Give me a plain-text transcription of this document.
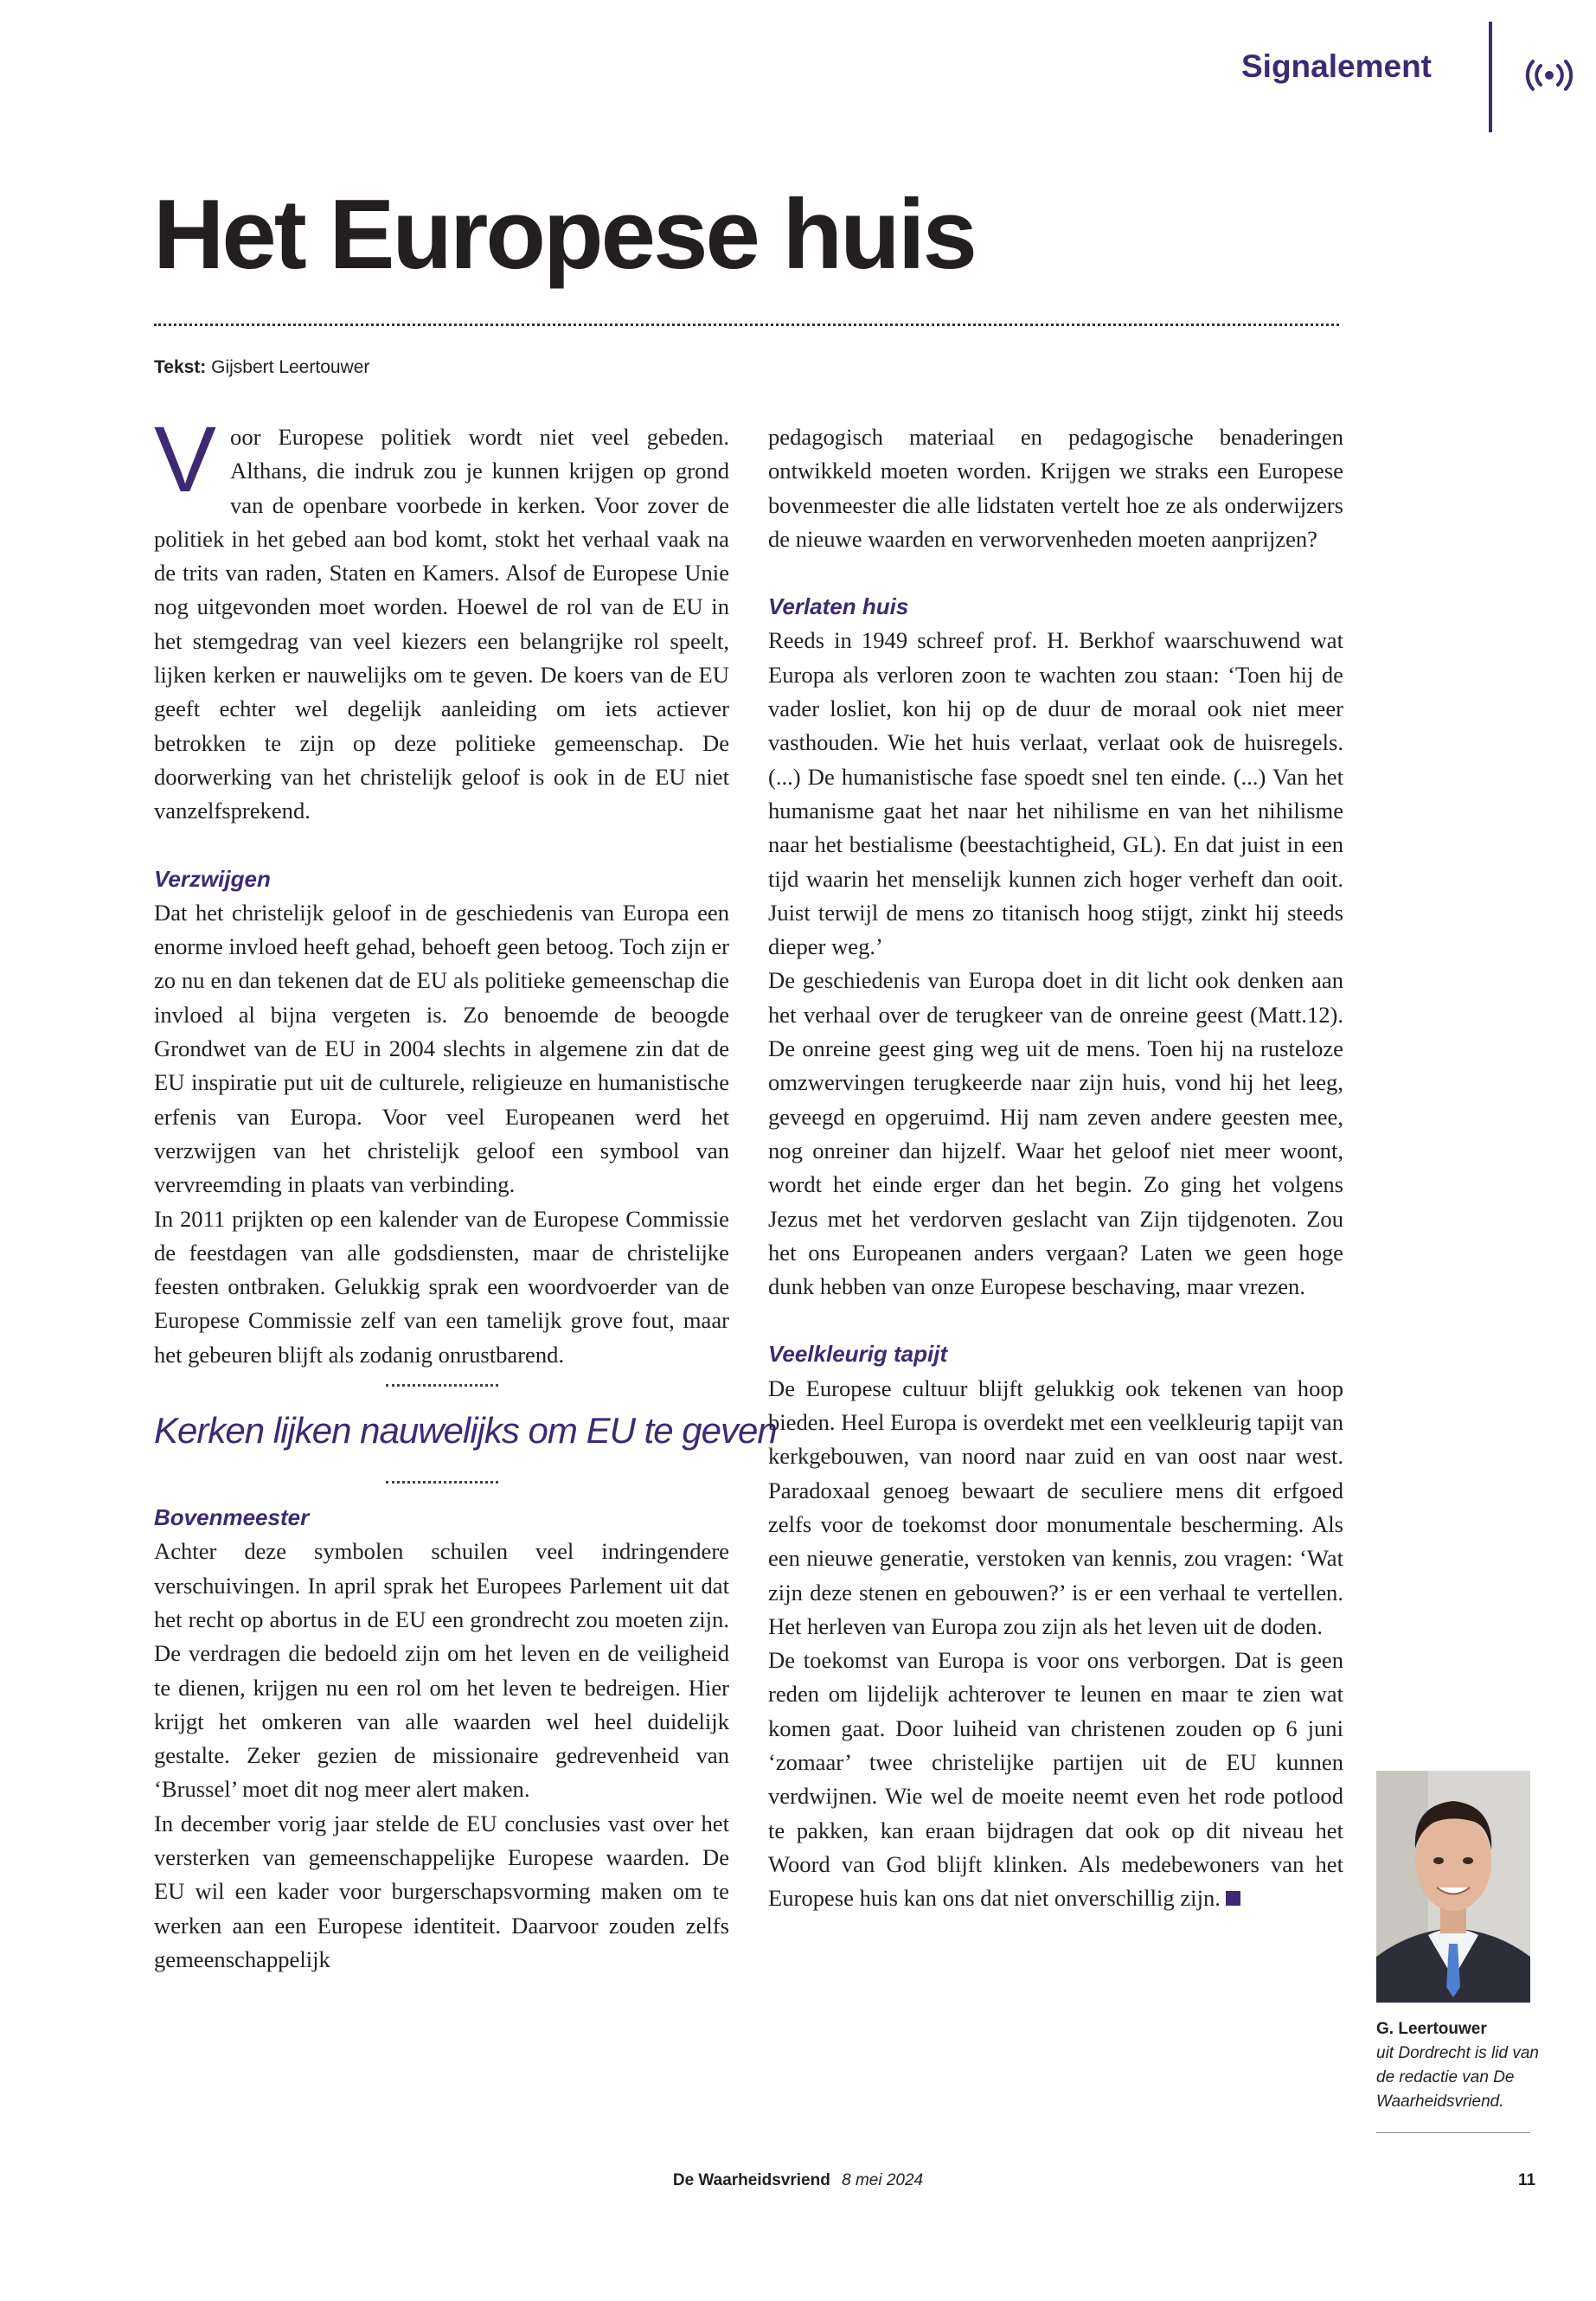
Signalement
Het Europese huis
Tekst: Gijsbert Leertouwer

Voor Europese politiek wordt niet veel gebeden. Althans, die indruk zou je kunnen krijgen op grond van de openbare voorbede in kerken. Voor zover de politiek in het gebed aan bod komt, stokt het verhaal vaak na de trits van raden, Staten en Kamers. Alsof de Europese Unie nog uitgevonden moet worden. Hoewel de rol van de EU in het stemgedrag van veel kiezers een belangrijke rol speelt, lijken kerken er nauwelijks om te geven. De koers van de EU geeft echter wel degelijk aanleiding om iets actiever betrokken te zijn op deze politieke gemeenschap. De doorwerking van het christelijk geloof is ook in de EU niet vanzelfsprekend.

Verzwijgen

Dat het christelijk geloof in de geschiedenis van Europa een enorme invloed heeft gehad, behoeft geen betoog. Toch zijn er zo nu en dan tekenen dat de EU als politieke gemeenschap die invloed al bijna vergeten is. Zo benoemde de beoogde Grondwet van de EU in 2004 slechts in algemene zin dat de EU inspiratie put uit de culturele, religieuze en humanistische erfenis van Europa. Voor veel Europeanen werd het verzwijgen van het christelijk geloof een symbool van vervreemding in plaats van verbinding.

In 2011 prijkten op een kalender van de Europese Commissie de feestdagen van alle godsdiensten, maar de christelijke feesten ontbraken. Gelukkig sprak een woordvoerder van de Europese Commissie zelf van een tamelijk grove fout, maar het gebeuren blijft als zodanig onrustbarend.

Kerken lijken nauwelijks om EU te geven
Bovenmeester

Achter deze symbolen schuilen veel indringendere verschuivingen. In april sprak het Europees Parlement uit dat het recht op abortus in de EU een grondrecht zou moeten zijn. De verdragen die bedoeld zijn om het leven en de veiligheid te dienen, krijgen nu een rol om het leven te bedreigen. Hier krijgt het omkeren van alle waarden wel heel duidelijk gestalte. Zeker gezien de missionaire gedrevenheid van ‘Brussel’ moet dit nog meer alert maken.

In december vorig jaar stelde de EU conclusies vast over het versterken van gemeenschappelijke Europese waarden. De EU wil een kader voor burgerschapsvorming maken om te werken aan een Europese identiteit. Daarvoor zouden zelfs gemeenschappelijk

pedagogisch materiaal en pedagogische benaderingen ontwikkeld moeten worden. Krijgen we straks een Europese bovenmeester die alle lidstaten vertelt hoe ze als onderwijzers de nieuwe waarden en verworvenheden moeten aanprijzen?

Verlaten huis

Reeds in 1949 schreef prof. H. Berkhof waarschuwend wat Europa als verloren zoon te wachten zou staan: ‘Toen hij de vader losliet, kon hij op de duur de moraal ook niet meer vasthouden. Wie het huis verlaat, verlaat ook de huisregels. (...) De humanistische fase spoedt snel ten einde. (...) Van het humanisme gaat het naar het nihilisme en van het nihilisme naar het bestialisme (beestachtigheid, GL). En dat juist in een tijd waarin het menselijk kunnen zich hoger verheft dan ooit. Juist terwijl de mens zo titanisch hoog stijgt, zinkt hij steeds dieper weg.’

De geschiedenis van Europa doet in dit licht ook denken aan het verhaal over de terugkeer van de onreine geest (Matt.12). De onreine geest ging weg uit de mens. Toen hij na rusteloze omzwervingen terugkeerde naar zijn huis, vond hij het leeg, geveegd en opgeruimd. Hij nam zeven andere geesten mee, nog onreiner dan hijzelf. Waar het geloof niet meer woont, wordt het einde erger dan het begin. Zo ging het volgens Jezus met het verdorven geslacht van Zijn tijdgenoten. Zou het ons Europeanen anders vergaan? Laten we geen hoge dunk hebben van onze Europese beschaving, maar vrezen.

Veelkleurig tapijt

De Europese cultuur blijft gelukkig ook tekenen van hoop bieden. Heel Europa is overdekt met een veelkleurig tapijt van kerkgebouwen, van noord naar zuid en van oost naar west. Paradoxaal genoeg bewaart de seculiere mens dit erfgoed zelfs voor de toekomst door monumentale bescherming. Als een nieuwe generatie, verstoken van kennis, zou vragen: ‘Wat zijn deze stenen en gebouwen?’ is er een verhaal te vertellen. Het herleven van Europa zou zijn als het leven uit de doden.

De toekomst van Europa is voor ons verborgen. Dat is geen reden om lijdelijk achterover te leunen en maar te zien wat komen gaat. Door luiheid van christenen zouden op 6 juni ‘zomaar’ twee christelijke partijen uit de EU kunnen verdwijnen. Wie wel de moeite neemt even het rode potlood te pakken, kan eraan bijdragen dat ook op dit niveau het Woord van God blijft klinken. Als medebewoners van het Europese huis kan ons dat niet onverschillig zijn.

G. Leertouwer
uit Dordrecht is lid van de redactie van De Waarheidsvriend.
De Waarheidsvriend 8 mei 2024	11
